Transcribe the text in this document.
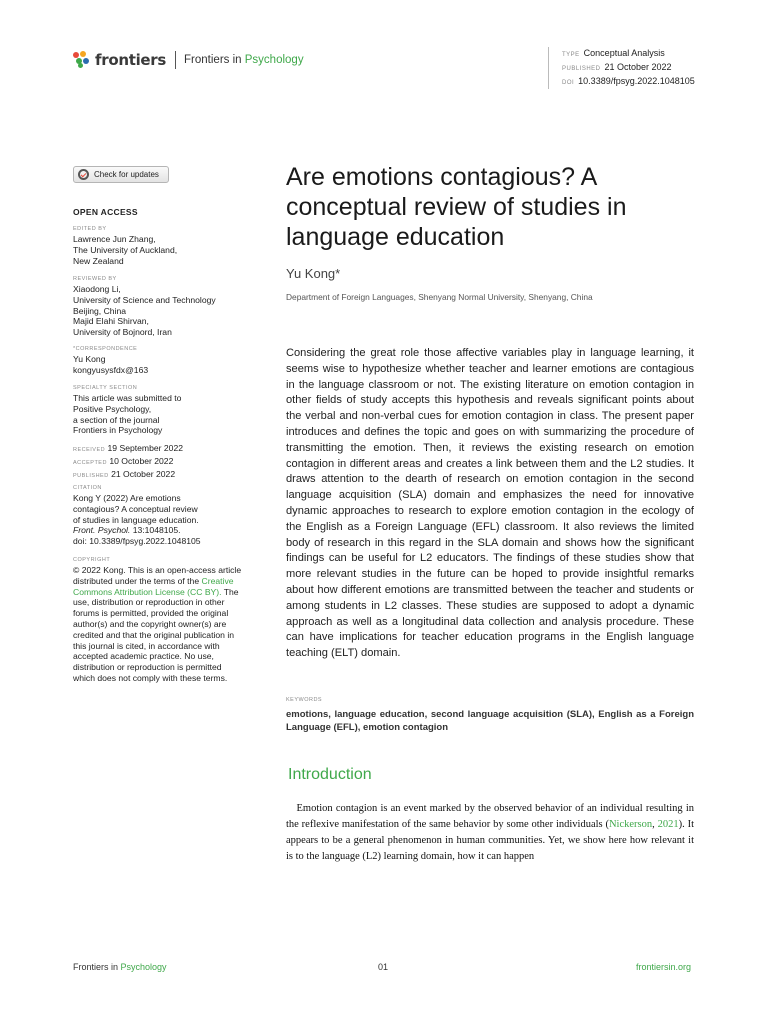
frontiers Frontiers in Psychology	TYPE Conceptual Analysis
PUBLISHED 21 October 2022
DOI 10.3389/fpsyg.2022.1048105
Check for updates
OPEN ACCESS
EDITED BY

Lawrence Jun Zhang,

The University of Auckland,

New Zealand

REVIEWED BY

Xiaodong Li,

University of Science and Technology

Beijing, China

Majid Elahi Shirvan,

University of Bojnord, Iran

*CORRESPONDENCE

Yu Kong

kongyusysfdx@163

SPECIALTY SECTION

This article was submitted to

Positive Psychology,

a section of the journal

Frontiers in Psychology

RECEIVED 19 September 2022

ACCEPTED 10 October 2022

PUBLISHED 21 October 2022

CITATION

Kong Y (2022) Are emotions

contagious? A conceptual review

of studies in language education.

Front. Psychol. 13:1048105.

doi: 10.3389/fpsyg.2022.1048105

COPYRIGHT

© 2022 Kong. This is an open-access article distributed under the terms of the Creative Commons Attribution License (CC BY). The use, distribution or reproduction in other forums is permitted, provided the original author(s) and the copyright owner(s) are credited and that the original publication in this journal is cited, in accordance with accepted academic practice. No use, distribution or reproduction is permitted which does not comply with these terms.

Are emotions contagious? A conceptual review of studies in language education
Yu Kong*
Department of Foreign Languages, Shenyang Normal University, Shenyang, China
Considering the great role those affective variables play in language learning, it seems wise to hypothesize whether teacher and learner emotions are contagious in the language classroom or not. The existing literature on emotion contagion in other fields of study accepts this hypothesis and reveals significant points about the verbal and non-verbal cues for emotion contagion in class. The present paper introduces and defines the topic and goes on with summarizing the procedure of transmitting the emotion. Then, it reviews the existing research on emotion contagion in different areas and creates a link between them and the L2 studies. It draws attention to the dearth of research on emotion contagion in the second language acquisition (SLA) domain and emphasizes the need for innovative dynamic approaches to research to explore emotion contagion in the ecology of the English as a Foreign Language (EFL) classroom. It also reviews the limited body of research in this regard in the SLA domain and shows how the significant findings can be useful for L2 educators. The findings of these studies show that more relevant studies in the future can be hoped to provide insightful remarks about how different emotions are transmitted between the teacher and students or among students in L2 classes. These studies are supposed to adopt a dynamic approach as well as a longitudinal data collection and analysis procedure. These can have implications for teacher education programs in the English language teaching (ELT) domain.
KEYWORDS
emotions, language education, second language acquisition (SLA), English as a Foreign Language (EFL), emotion contagion
Introduction
 Emotion contagion is an event marked by the observed behavior of an individual resulting in the reflexive manifestation of the same behavior by some other individuals (Nickerson, 2021). It appears to be a general phenomenon in human communities. Yet, we show here how relevant it is to the language (L2) learning domain, how it can happen
Frontiers in Psychology	01	frontiersin.org
